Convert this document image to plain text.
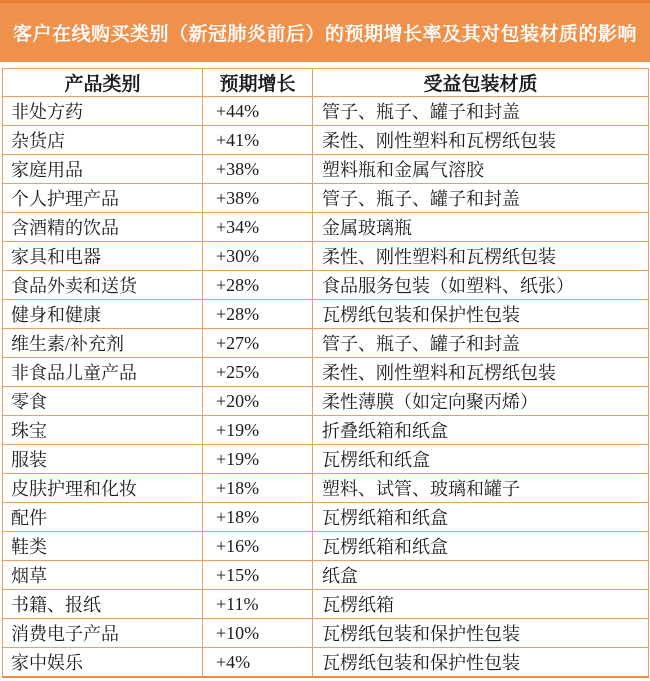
客户在线购买类别（新冠肺炎前后）的预期增长率及其对包装材质的影响
产品类别	预期增长	受益包装材质
非处方药	+44%	管子、瓶子、罐子和封盖
杂货店	+41%	柔性、刚性塑料和瓦楞纸包装
家庭用品	+38%	塑料瓶和金属气溶胶
个人护理产品	+38%	管子、瓶子、罐子和封盖
含酒精的饮品	+34%	金属玻璃瓶
家具和电器	+30%	柔性、刚性塑料和瓦楞纸包装
食品外卖和送货	+28%	食品服务包装（如塑料、纸张）
健身和健康	+28%	瓦楞纸包装和保护性包装
维生素/补充剂	+27%	管子、瓶子、罐子和封盖
非食品儿童产品	+25%	柔性、刚性塑料和瓦楞纸包装
零食	+20%	柔性薄膜（如定向聚丙烯）
珠宝	+19%	折叠纸箱和纸盒
服装	+19%	瓦楞纸和纸盒
皮肤护理和化妆	+18%	塑料、试管、玻璃和罐子
配件	+18%	瓦楞纸箱和纸盒
鞋类	+16%	瓦楞纸箱和纸盒
烟草	+15%	纸盒
书籍、报纸	+11%	瓦楞纸箱
消费电子产品	+10%	瓦楞纸包装和保护性包装
家中娱乐	+4%	瓦楞纸包装和保护性包装
